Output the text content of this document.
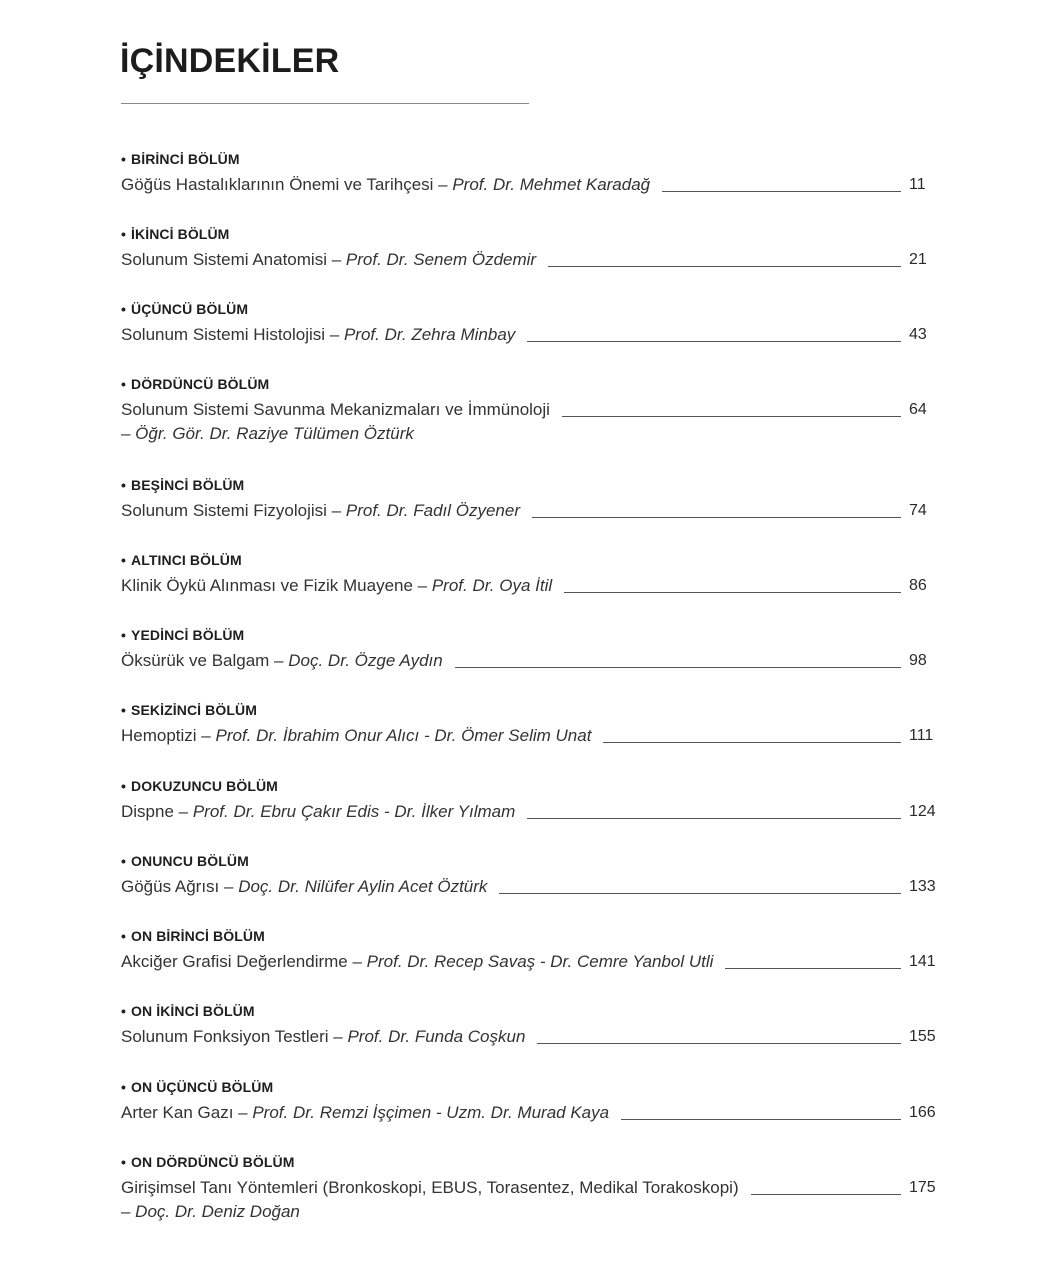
İÇİNDEKİLER
• BİRİNCİ BÖLÜM
Göğüs Hastalıklarının Önemi ve Tarihçesi – Prof. Dr. Mehmet Karadağ	11
• İKİNCİ BÖLÜM
Solunum Sistemi Anatomisi – Prof. Dr. Senem Özdemir	21
• ÜÇÜNCÜ BÖLÜM
Solunum Sistemi Histolojisi – Prof. Dr. Zehra Minbay	43
• DÖRDÜNCÜ BÖLÜM
Solunum Sistemi Savunma Mekanizmaları ve İmmünoloji	64
– Öğr. Gör. Dr. Raziye Tülümen Öztürk
• BEŞİNCİ BÖLÜM
Solunum Sistemi Fizyolojisi – Prof. Dr. Fadıl Özyener	74
• ALTINCI BÖLÜM
Klinik Öykü Alınması ve Fizik Muayene – Prof. Dr. Oya İtil	86
• YEDİNCİ BÖLÜM
Öksürük ve Balgam – Doç. Dr. Özge Aydın	98
• SEKİZİNCİ BÖLÜM
Hemoptizi – Prof. Dr. İbrahim Onur Alıcı - Dr. Ömer Selim Unat	111
• DOKUZUNCU BÖLÜM
Dispne – Prof. Dr. Ebru Çakır Edis - Dr. İlker Yılmam	124
• ONUNCU BÖLÜM
Göğüs Ağrısı – Doç. Dr. Nilüfer Aylin Acet Öztürk	133
• ON BİRİNCİ BÖLÜM
Akciğer Grafisi Değerlendirme – Prof. Dr. Recep Savaş - Dr. Cemre Yanbol Utli	141
• ON İKİNCİ BÖLÜM
Solunum Fonksiyon Testleri – Prof. Dr. Funda Coşkun	155
• ON ÜÇÜNCÜ BÖLÜM
Arter Kan Gazı – Prof. Dr. Remzi İşçimen - Uzm. Dr. Murad Kaya	166
• ON DÖRDÜNCÜ BÖLÜM
Girişimsel Tanı Yöntemleri (Bronkoskopi, EBUS, Torasentez, Medikal Torakoskopi)	175
– Doç. Dr. Deniz Doğan
